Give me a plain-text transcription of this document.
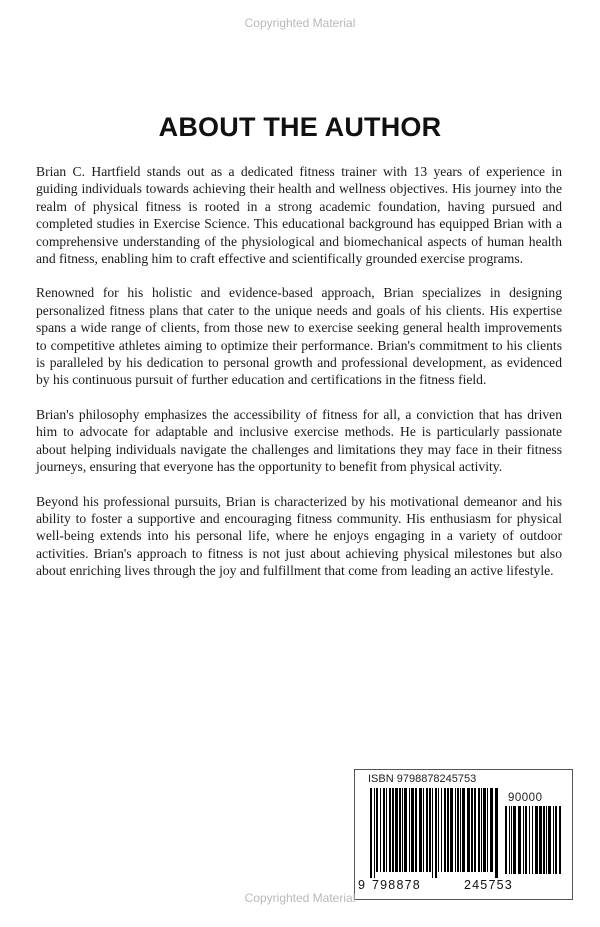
Copyrighted Material
ABOUT THE AUTHOR

Brian C. Hartfield stands out as a dedicated fitness trainer with 13 years of experience in guiding individuals towards achieving their health and wellness objectives. His journey into the realm of physical fitness is rooted in a strong academic foundation, having pursued and completed studies in Exercise Science. This educational background has equipped Brian with a comprehensive understanding of the physiological and biomechanical aspects of human health and fitness, enabling him to craft effective and scientifically grounded exercise programs.

Renowned for his holistic and evidence-based approach, Brian specializes in designing personalized fitness plans that cater to the unique needs and goals of his clients. His expertise spans a wide range of clients, from those new to exercise seeking general health improvements to competitive athletes aiming to optimize their performance. Brian's commitment to his clients is paralleled by his dedication to personal growth and professional development, as evidenced by his continuous pursuit of further education and certifications in the fitness field.

Brian's philosophy emphasizes the accessibility of fitness for all, a conviction that has driven him to advocate for adaptable and inclusive exercise methods. He is particularly passionate about helping individuals navigate the challenges and limitations they may face in their fitness journeys, ensuring that everyone has the opportunity to benefit from physical activity.

Beyond his professional pursuits, Brian is characterized by his motivational demeanor and his ability to foster a supportive and encouraging fitness community. His enthusiasm for physical well-being extends into his personal life, where he enjoys engaging in a variety of outdoor activities. Brian's approach to fitness is not just about achieving physical milestones but also about enriching lives through the joy and fulfillment that come from leading an active lifestyle.

ISBN 9798878245753
90000
9 798878	245753
Copyrighted Material
